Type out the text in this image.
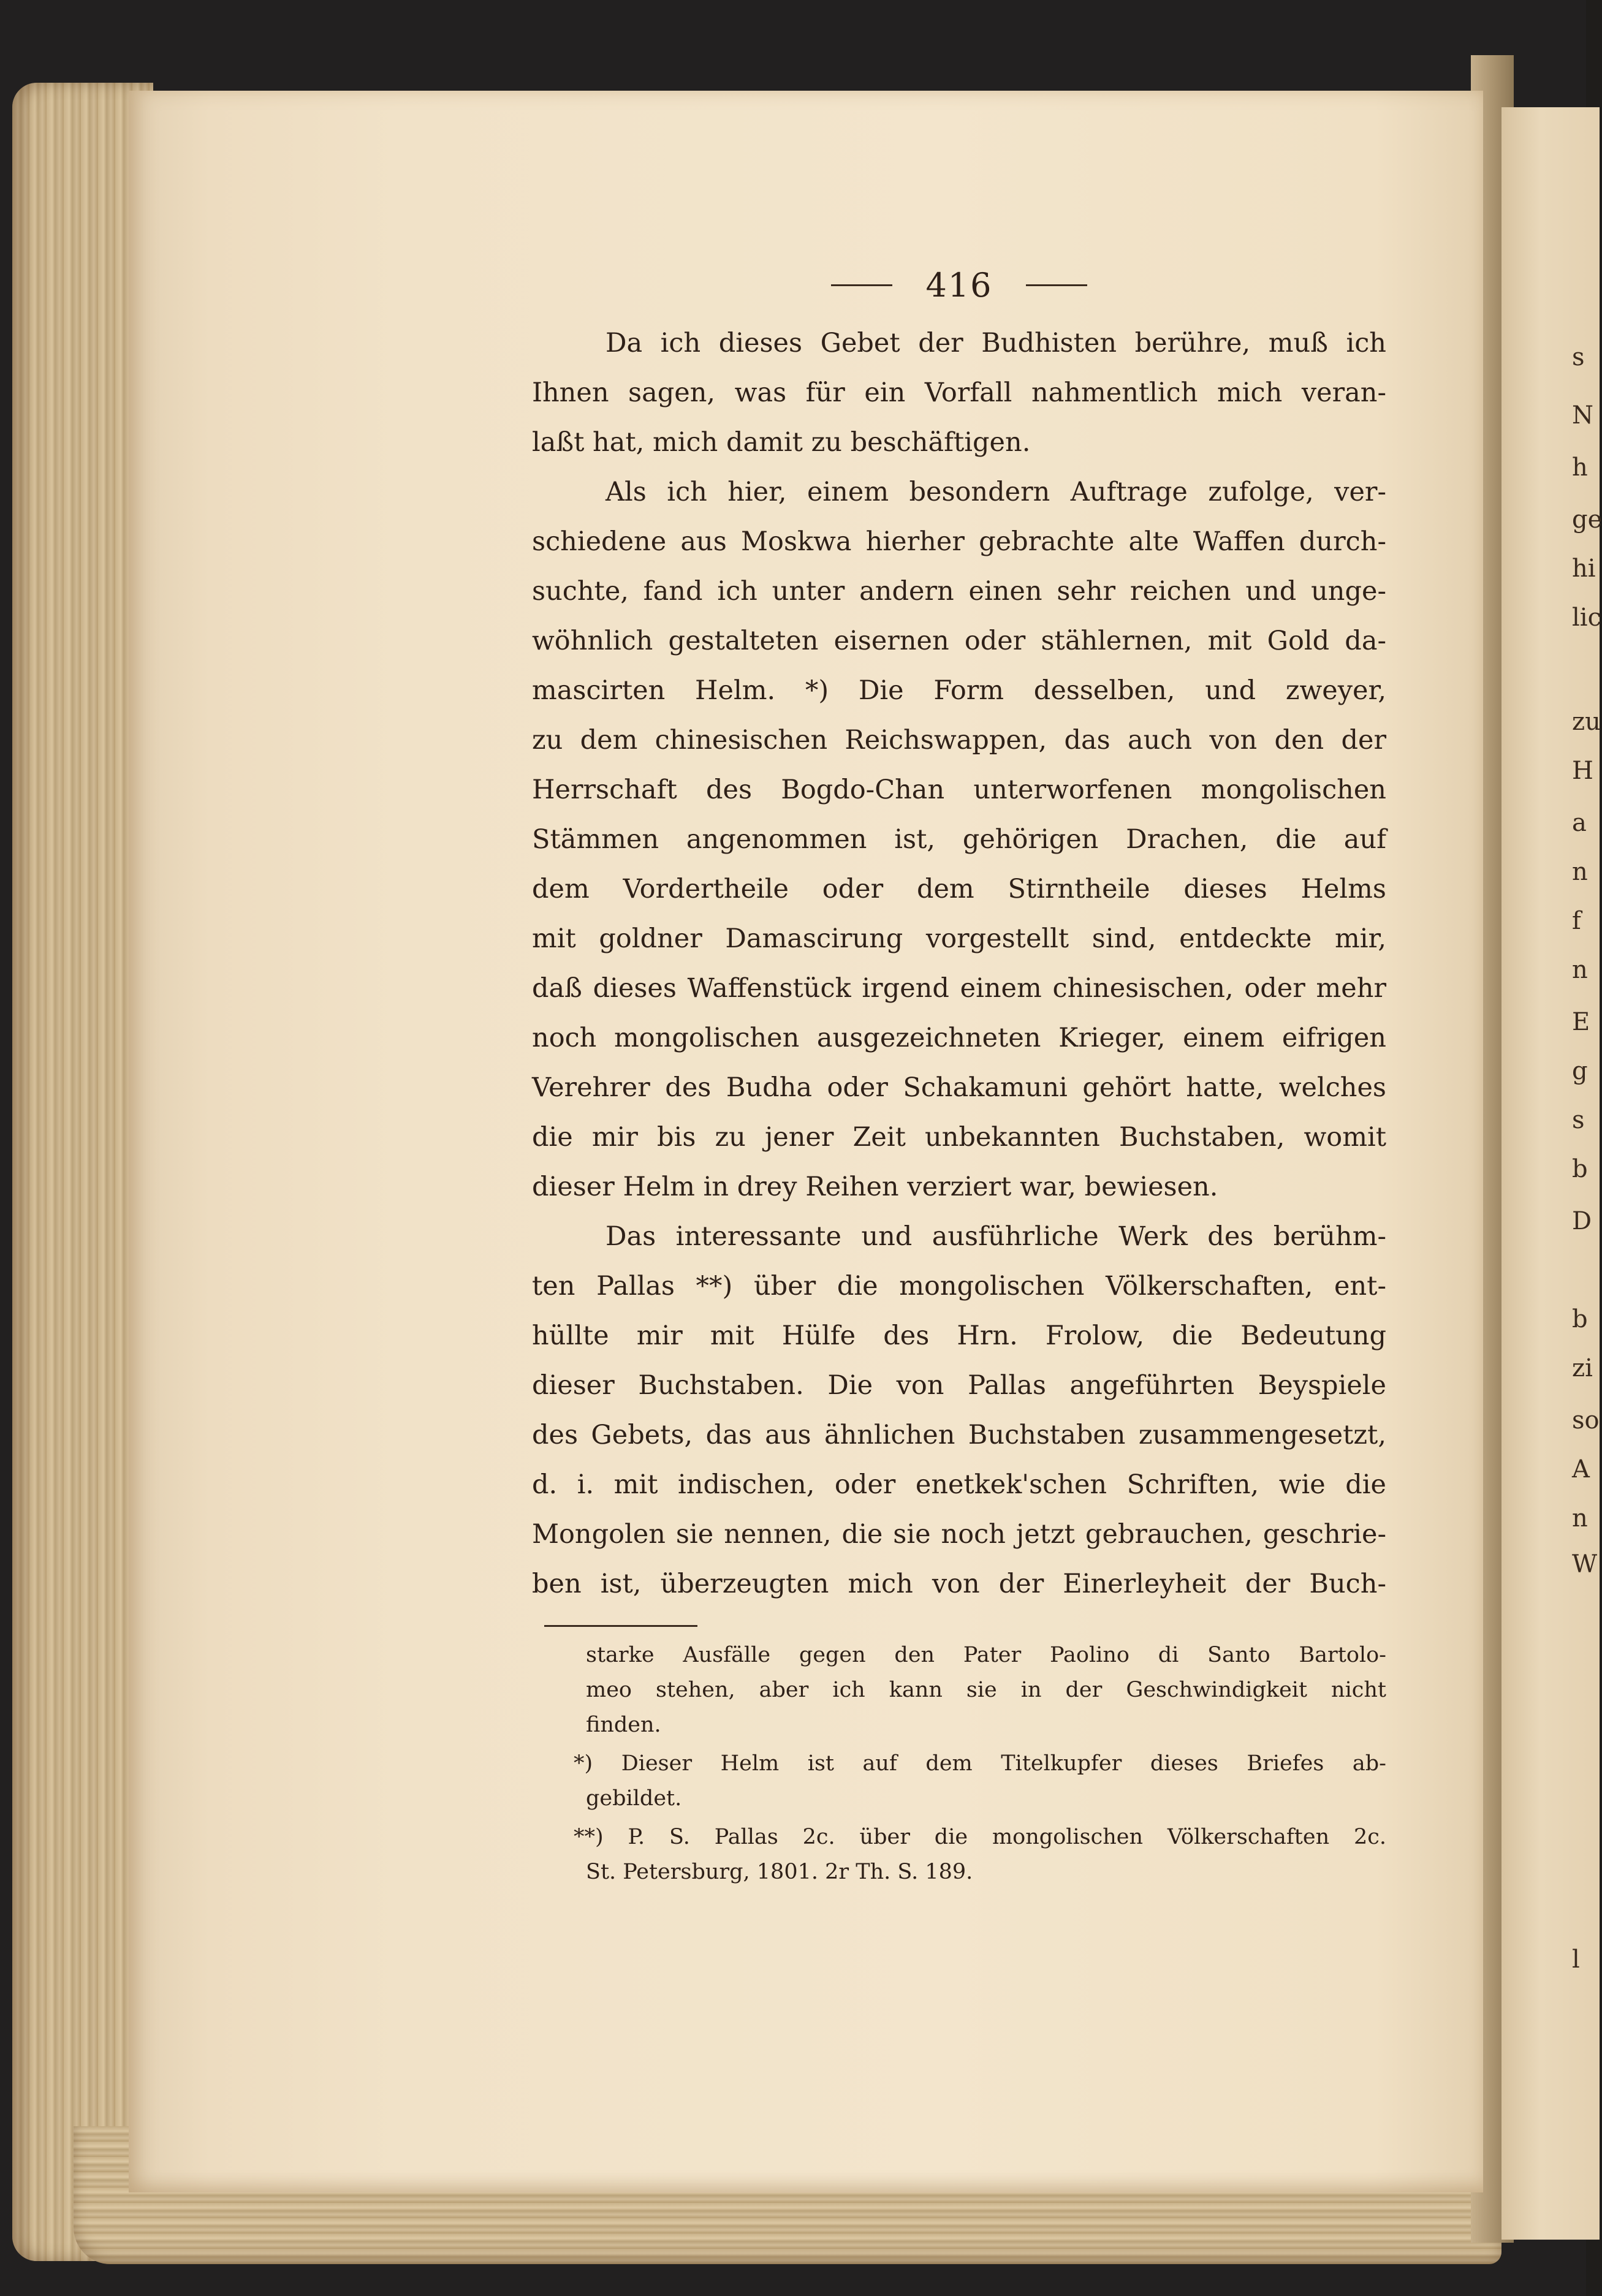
s
N
h
ge
hi
lic
zu
H
a
n
f
n
E
g
s
b
D
b
zi
so
A
n
W
l
416
Da ich dieses Gebet der Budhisten berühre, muß ich
Ihnen sagen, was für ein Vorfall nahmentlich mich veran-
laßt hat, mich damit zu beschäftigen.
Als ich hier, einem besondern Auftrage zufolge, ver-
schiedene aus Moskwa hierher gebrachte alte Waffen durch-
suchte, fand ich unter andern einen sehr reichen und unge-
wöhnlich gestalteten eisernen oder stählernen, mit Gold da-
mascirten Helm. *) Die Form desselben, und zweyer,
zu dem chinesischen Reichswappen, das auch von den der
Herrschaft des Bogdo-Chan unterworfenen mongolischen
Stämmen angenommen ist, gehörigen Drachen, die auf
dem Vordertheile oder dem Stirntheile dieses Helms
mit goldner Damascirung vorgestellt sind, entdeckte mir,
daß dieses Waffenstück irgend einem chinesischen, oder mehr
noch mongolischen ausgezeichneten Krieger, einem eifrigen
Verehrer des Budha oder Schakamuni gehört hatte, welches
die mir bis zu jener Zeit unbekannten Buchstaben, womit
dieser Helm in drey Reihen verziert war, bewiesen.
Das interessante und ausführliche Werk des berühm-
ten Pallas **) über die mongolischen Völkerschaften, ent-
hüllte mir mit Hülfe des Hrn. Frolow, die Bedeutung
dieser Buchstaben. Die von Pallas angeführten Beyspiele
des Gebets, das aus ähnlichen Buchstaben zusammengesetzt,
d. i. mit indischen, oder enetkek'schen Schriften, wie die
Mongolen sie nennen, die sie noch jetzt gebrauchen, geschrie-
ben ist, überzeugten mich von der Einerleyheit der Buch-
starke Ausfälle gegen den Pater Paolino di Santo Bartolo-
meo stehen, aber ich kann sie in der Geschwindigkeit nicht
finden.
*) Dieser Helm ist auf dem Titelkupfer dieses Briefes ab-
gebildet.
**) P. S. Pallas 2c. über die mongolischen Völkerschaften 2c.
St. Petersburg, 1801. 2r Th. S. 189.
